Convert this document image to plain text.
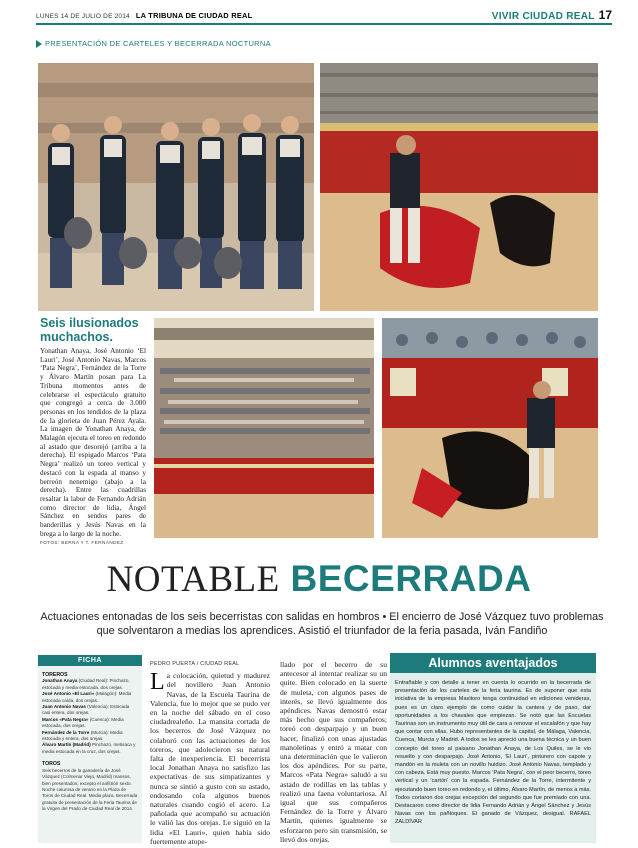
LUNES 14 DE JULIO DE 2014 LA TRIBUNA DE CIUDAD REAL	VIVIR CIUDAD REAL 17
PRESENTACIÓN DE CARTELES Y BECERRADA NOCTURNA
Seis ilusionados muchachos.
Yonathan Anaya, José Antonio ‘El Lauri’, José Antonio Navas, Marcos ‘Pata Negra’, Fernández de la Torre y Álvaro Martín posan para La Tribuna momentos antes de celebrarse el espectáculo gratuito que congregó a cerca de 3.000 personas en los tendidos de la plaza de la glorieta de Juan Pérez Ayala. La imagen de Yonathan Anaya, de Malagón ejecuta el toreo en redondo al astado que desorejó (arriba a la derecha). El espigado Marcos ‘Pata Negra’ realizó un toreo vertical y destacó con la espada al manso y berreón nenemigo (abajo a la derecha). Entre las cuadrillas resaltar la labor de Fernando Adrián como director de lidia, Ángel Sánchez en sendos pares de banderillas y Jesús Navas en la brega a lo largo de la noche.
FOTOS: BERNA Y T. FERNÁNDEZ
NOTABLE BECERRADA
Actuaciones entonadas de los seis becerristas con salidas en hombros • El encierro de José Vázquez tuvo problemas que solventaron a medias los aprendices. Asistió el triunfador de la feria pasada, Iván Fandiño
FICHA
TOREROS
Jonathan Anaya (Ciudad Real): Pinchazo, estocada y media estocada, dos orejas.
José Antonio «El Lauri» (Malagón): Media estocada caída, dos orejas.
Juan Antonio Navas (Valencia): Estocada casi entera, dos orejas.
Marcos «Pata Negra» (Cuenca): Media estocada, dos orejas.
Fernández de la Torre (Murcia): Media estocada y entera, dos orejas.
Álvaro Martín (Madrid) Pinchazo, metisaca y media estocada en la cruz, dos orejas.
TOROS
Seis becerros de la ganadería de José Vázquez (Colmenar Viejo, Madrid) mansos, bien presentados, excepto el anfitrión sexto. Noche calurosa de verano en la Plaza de Toros de Ciudad Real. Media plaza. Becerrada gratuita de presentación de la Feria Taurina de la Virgen del Prado de Ciudad Real de 2014.
PEDRO PUERTA / CIUDAD REAL
L a colocación, quietud y madurez del novillero Juan Antonio Navas, de la Escuela Taurina de Valencia, fue lo mejor que se pudo ver en la noche del sábado en el coso ciudadrealeño. La mansita cortada de los becerros de José Vázquez no colaboró con las actuaciones de los toreros, que adolecieron su natural falta de inexperiencia. El becerrista local Jonathan Anaya no satisfizo las expectativas de sus simpatizantes y nunca se sintió a gusto con su astado, endosando cola algunos buenos naturales cuando cogió el acero. La pañolada que acompañó su actuación le valió las dos orejas. Le siguió en la lidia «El Lauri», quien había sido fuertemente atope-
llado por el becerro de su antecesor al intentar realizar su un quite. Bien colocado en la suerte de muleta, con algunos pases de interés, se llevó igualmente dos apéndices. Navas demostró estar más hecho que sus compañeros; toreó con desparpajo y un buen hacer, finalizó con unas ajustadas manoletinas y entró a matar con una determinación que le valieron los dos apéndices. Por su parte, Marcos «Pata Negra» saludó a su astado de rodillas en las tablas y realizó una faena voluntariosa. Al igual que sus compañeros Fernández de la Torre y Álvaro Martín, quienes igualmente se esforzaron pero sin transmisión, se llevó dos orejas.
Alumnos aventajados
Entrañable y con detalle a tener en cuenta lo ocurrido en la becerrada de presentación de los carteles de la feria taurina. Es de suponer que esta iniciativa de la empresa Maxitoro tenga continuidad en ediciones venideras, pues es un claro ejemplo de como cuidar la cantera y de paso, dar oportunidades a los chavales que empiezan. Se notó que las Escuelas Taurinas son un instrumento muy útil de cara a renovar el escalafón y que hay que contar con ellas. Hubo representantes de la capital, de Málaga, Valencia, Cuenca, Murcia y Madrid. A todos se les apreció una buena técnica y un buen concepto del toreo al paisano Jonathan Anaya, de Los Quiles, se le vio resuelto y con desparpajo. José Antonio, ‘El Lauri’, pinturero con capote y mandón en la muleta con un novillo huidizo. José Antonio Navas, templado y con cabeza. Está muy puesto. Marcos ‘Pata Negra’, con el peor becerro, toreo vertical y un ‘cartón’ con la espada. Fernández de la Torre, intermitente y ejecutando buen toreo en redondo y, el último, Álvaro Martín, de menos a más. Todos cortaron dos orejas excepción del segundo que fue premiado con una. Destacaron como director de lidia Fernando Adrián y Ángel Sánchez y Jesús Navas con los pañtoques. El ganado de Vázquez, desigual. RAFAEL ZALDÍVAR
